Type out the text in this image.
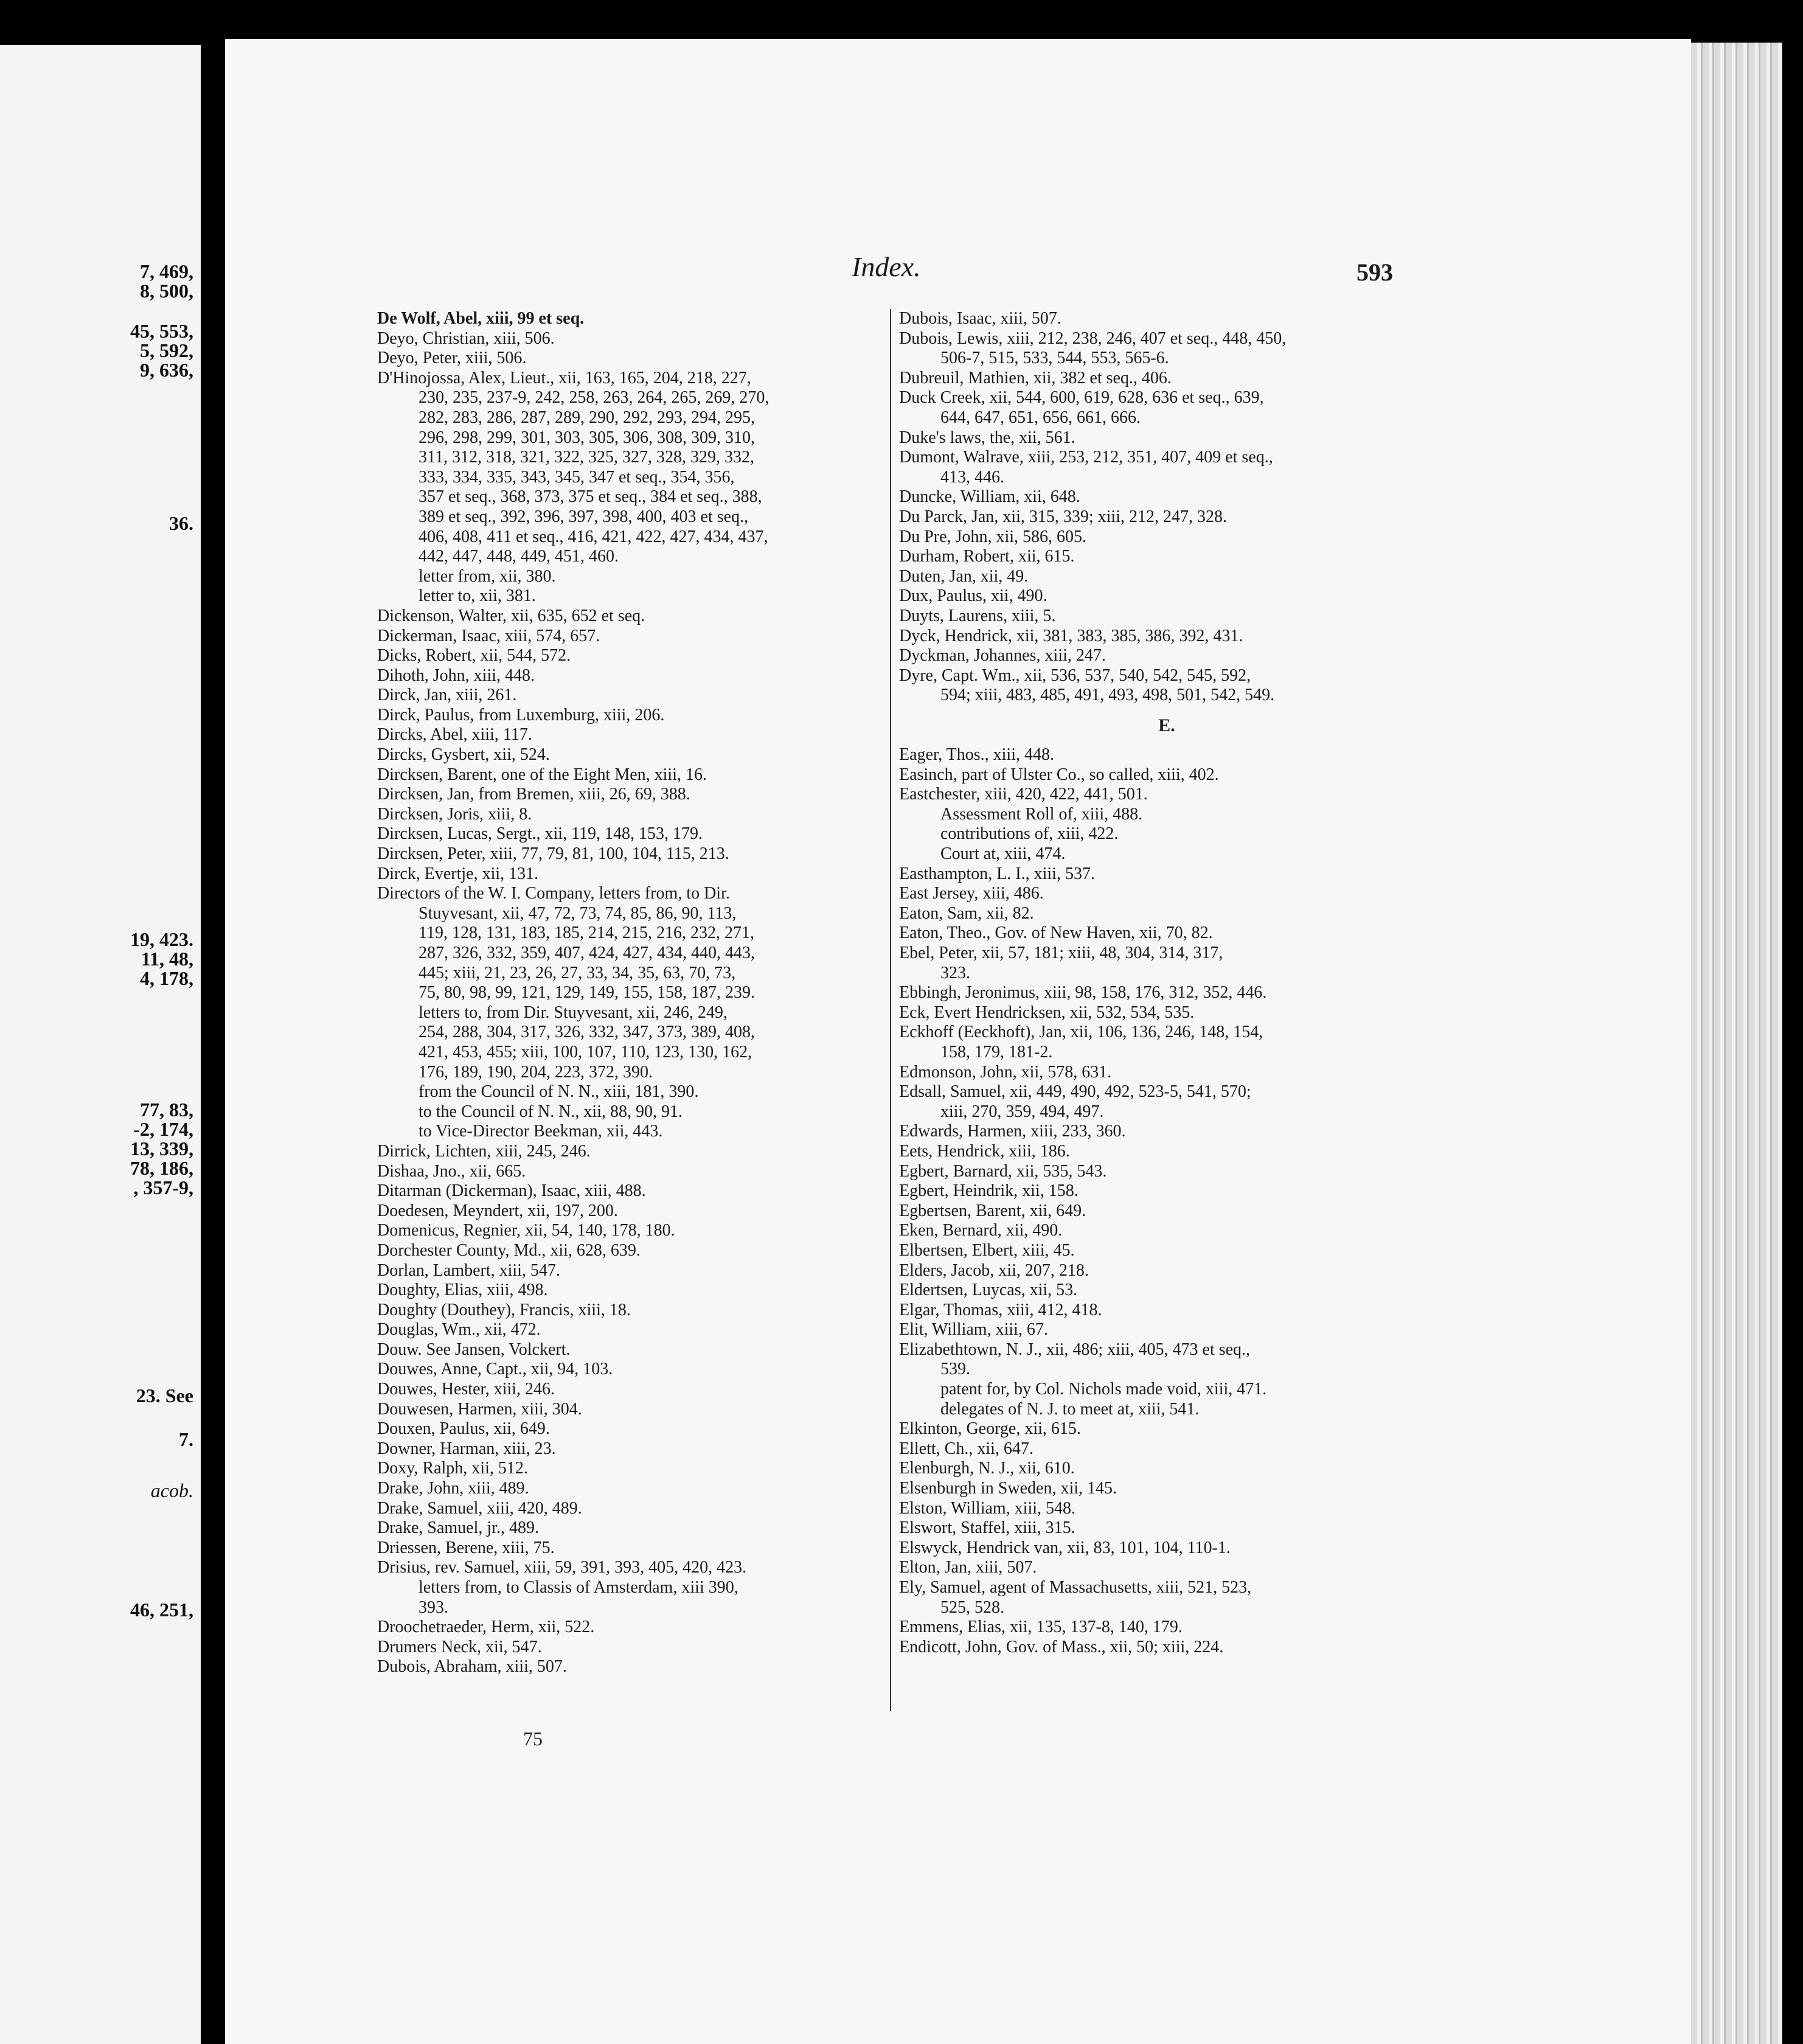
7, 469,
8, 500,
45, 553,
5, 592,
9, 636,
36.
19, 423.
11, 48,
4, 178,
77, 83,
-2, 174,
13, 339,
78, 186,
, 357-9,
23. See
7.
acob.
46, 251,
Index.	593
De Wolf, Abel, xiii, 99 et seq.
Deyo, Christian, xiii, 506.
Deyo, Peter, xiii, 506.
D'Hinojossa, Alex, Lieut., xii, 163, 165, 204, 218, 227,
230, 235, 237-9, 242, 258, 263, 264, 265, 269, 270,
282, 283, 286, 287, 289, 290, 292, 293, 294, 295,
296, 298, 299, 301, 303, 305, 306, 308, 309, 310,
311, 312, 318, 321, 322, 325, 327, 328, 329, 332,
333, 334, 335, 343, 345, 347 et seq., 354, 356,
357 et seq., 368, 373, 375 et seq., 384 et seq., 388,
389 et seq., 392, 396, 397, 398, 400, 403 et seq.,
406, 408, 411 et seq., 416, 421, 422, 427, 434, 437,
442, 447, 448, 449, 451, 460.
letter from, xii, 380.
letter to, xii, 381.
Dickenson, Walter, xii, 635, 652 et seq.
Dickerman, Isaac, xiii, 574, 657.
Dicks, Robert, xii, 544, 572.
Dihoth, John, xiii, 448.
Dirck, Jan, xiii, 261.
Dirck, Paulus, from Luxemburg, xiii, 206.
Dircks, Abel, xiii, 117.
Dircks, Gysbert, xii, 524.
Dircksen, Barent, one of the Eight Men, xiii, 16.
Dircksen, Jan, from Bremen, xiii, 26, 69, 388.
Dircksen, Joris, xiii, 8.
Dircksen, Lucas, Sergt., xii, 119, 148, 153, 179.
Dircksen, Peter, xiii, 77, 79, 81, 100, 104, 115, 213.
Dirck, Evertje, xii, 131.
Directors of the W. I. Company, letters from, to Dir.
Stuyvesant, xii, 47, 72, 73, 74, 85, 86, 90, 113,
119, 128, 131, 183, 185, 214, 215, 216, 232, 271,
287, 326, 332, 359, 407, 424, 427, 434, 440, 443,
445; xiii, 21, 23, 26, 27, 33, 34, 35, 63, 70, 73,
75, 80, 98, 99, 121, 129, 149, 155, 158, 187, 239.
letters to, from Dir. Stuyvesant, xii, 246, 249,
254, 288, 304, 317, 326, 332, 347, 373, 389, 408,
421, 453, 455; xiii, 100, 107, 110, 123, 130, 162,
176, 189, 190, 204, 223, 372, 390.
from the Council of N. N., xiii, 181, 390.
to the Council of N. N., xii, 88, 90, 91.
to Vice-Director Beekman, xii, 443.
Dirrick, Lichten, xiii, 245, 246.
Dishaa, Jno., xii, 665.
Ditarman (Dickerman), Isaac, xiii, 488.
Doedesen, Meyndert, xii, 197, 200.
Domenicus, Regnier, xii, 54, 140, 178, 180.
Dorchester County, Md., xii, 628, 639.
Dorlan, Lambert, xiii, 547.
Doughty, Elias, xiii, 498.
Doughty (Douthey), Francis, xiii, 18.
Douglas, Wm., xii, 472.
Douw. See Jansen, Volckert.
Douwes, Anne, Capt., xii, 94, 103.
Douwes, Hester, xiii, 246.
Douwesen, Harmen, xiii, 304.
Douxen, Paulus, xii, 649.
Downer, Harman, xiii, 23.
Doxy, Ralph, xii, 512.
Drake, John, xiii, 489.
Drake, Samuel, xiii, 420, 489.
Drake, Samuel, jr., 489.
Driessen, Berene, xiii, 75.
Drisius, rev. Samuel, xiii, 59, 391, 393, 405, 420, 423.
letters from, to Classis of Amsterdam, xiii 390,
393.
Droochetraeder, Herm, xii, 522.
Drumers Neck, xii, 547.
Dubois, Abraham, xiii, 507.
Dubois, Isaac, xiii, 507.
Dubois, Lewis, xiii, 212, 238, 246, 407 et seq., 448, 450,
506-7, 515, 533, 544, 553, 565-6.
Dubreuil, Mathien, xii, 382 et seq., 406.
Duck Creek, xii, 544, 600, 619, 628, 636 et seq., 639,
644, 647, 651, 656, 661, 666.
Duke's laws, the, xii, 561.
Dumont, Walrave, xiii, 253, 212, 351, 407, 409 et seq.,
413, 446.
Duncke, William, xii, 648.
Du Parck, Jan, xii, 315, 339; xiii, 212, 247, 328.
Du Pre, John, xii, 586, 605.
Durham, Robert, xii, 615.
Duten, Jan, xii, 49.
Dux, Paulus, xii, 490.
Duyts, Laurens, xiii, 5.
Dyck, Hendrick, xii, 381, 383, 385, 386, 392, 431.
Dyckman, Johannes, xiii, 247.
Dyre, Capt. Wm., xii, 536, 537, 540, 542, 545, 592,
594; xiii, 483, 485, 491, 493, 498, 501, 542, 549.
E.
Eager, Thos., xiii, 448.
Easinch, part of Ulster Co., so called, xiii, 402.
Eastchester, xiii, 420, 422, 441, 501.
Assessment Roll of, xiii, 488.
contributions of, xiii, 422.
Court at, xiii, 474.
Easthampton, L. I., xiii, 537.
East Jersey, xiii, 486.
Eaton, Sam, xii, 82.
Eaton, Theo., Gov. of New Haven, xii, 70, 82.
Ebel, Peter, xii, 57, 181; xiii, 48, 304, 314, 317,
323.
Ebbingh, Jeronimus, xiii, 98, 158, 176, 312, 352, 446.
Eck, Evert Hendricksen, xii, 532, 534, 535.
Eckhoff (Eeckhoft), Jan, xii, 106, 136, 246, 148, 154,
158, 179, 181-2.
Edmonson, John, xii, 578, 631.
Edsall, Samuel, xii, 449, 490, 492, 523-5, 541, 570;
xiii, 270, 359, 494, 497.
Edwards, Harmen, xiii, 233, 360.
Eets, Hendrick, xiii, 186.
Egbert, Barnard, xii, 535, 543.
Egbert, Heindrik, xii, 158.
Egbertsen, Barent, xii, 649.
Eken, Bernard, xii, 490.
Elbertsen, Elbert, xiii, 45.
Elders, Jacob, xii, 207, 218.
Eldertsen, Luycas, xii, 53.
Elgar, Thomas, xiii, 412, 418.
Elit, William, xiii, 67.
Elizabethtown, N. J., xii, 486; xiii, 405, 473 et seq.,
539.
patent for, by Col. Nichols made void, xiii, 471.
delegates of N. J. to meet at, xiii, 541.
Elkinton, George, xii, 615.
Ellett, Ch., xii, 647.
Elenburgh, N. J., xii, 610.
Elsenburgh in Sweden, xii, 145.
Elston, William, xiii, 548.
Elswort, Staffel, xiii, 315.
Elswyck, Hendrick van, xii, 83, 101, 104, 110-1.
Elton, Jan, xiii, 507.
Ely, Samuel, agent of Massachusetts, xiii, 521, 523,
525, 528.
Emmens, Elias, xii, 135, 137-8, 140, 179.
Endicott, John, Gov. of Mass., xii, 50; xiii, 224.
75
